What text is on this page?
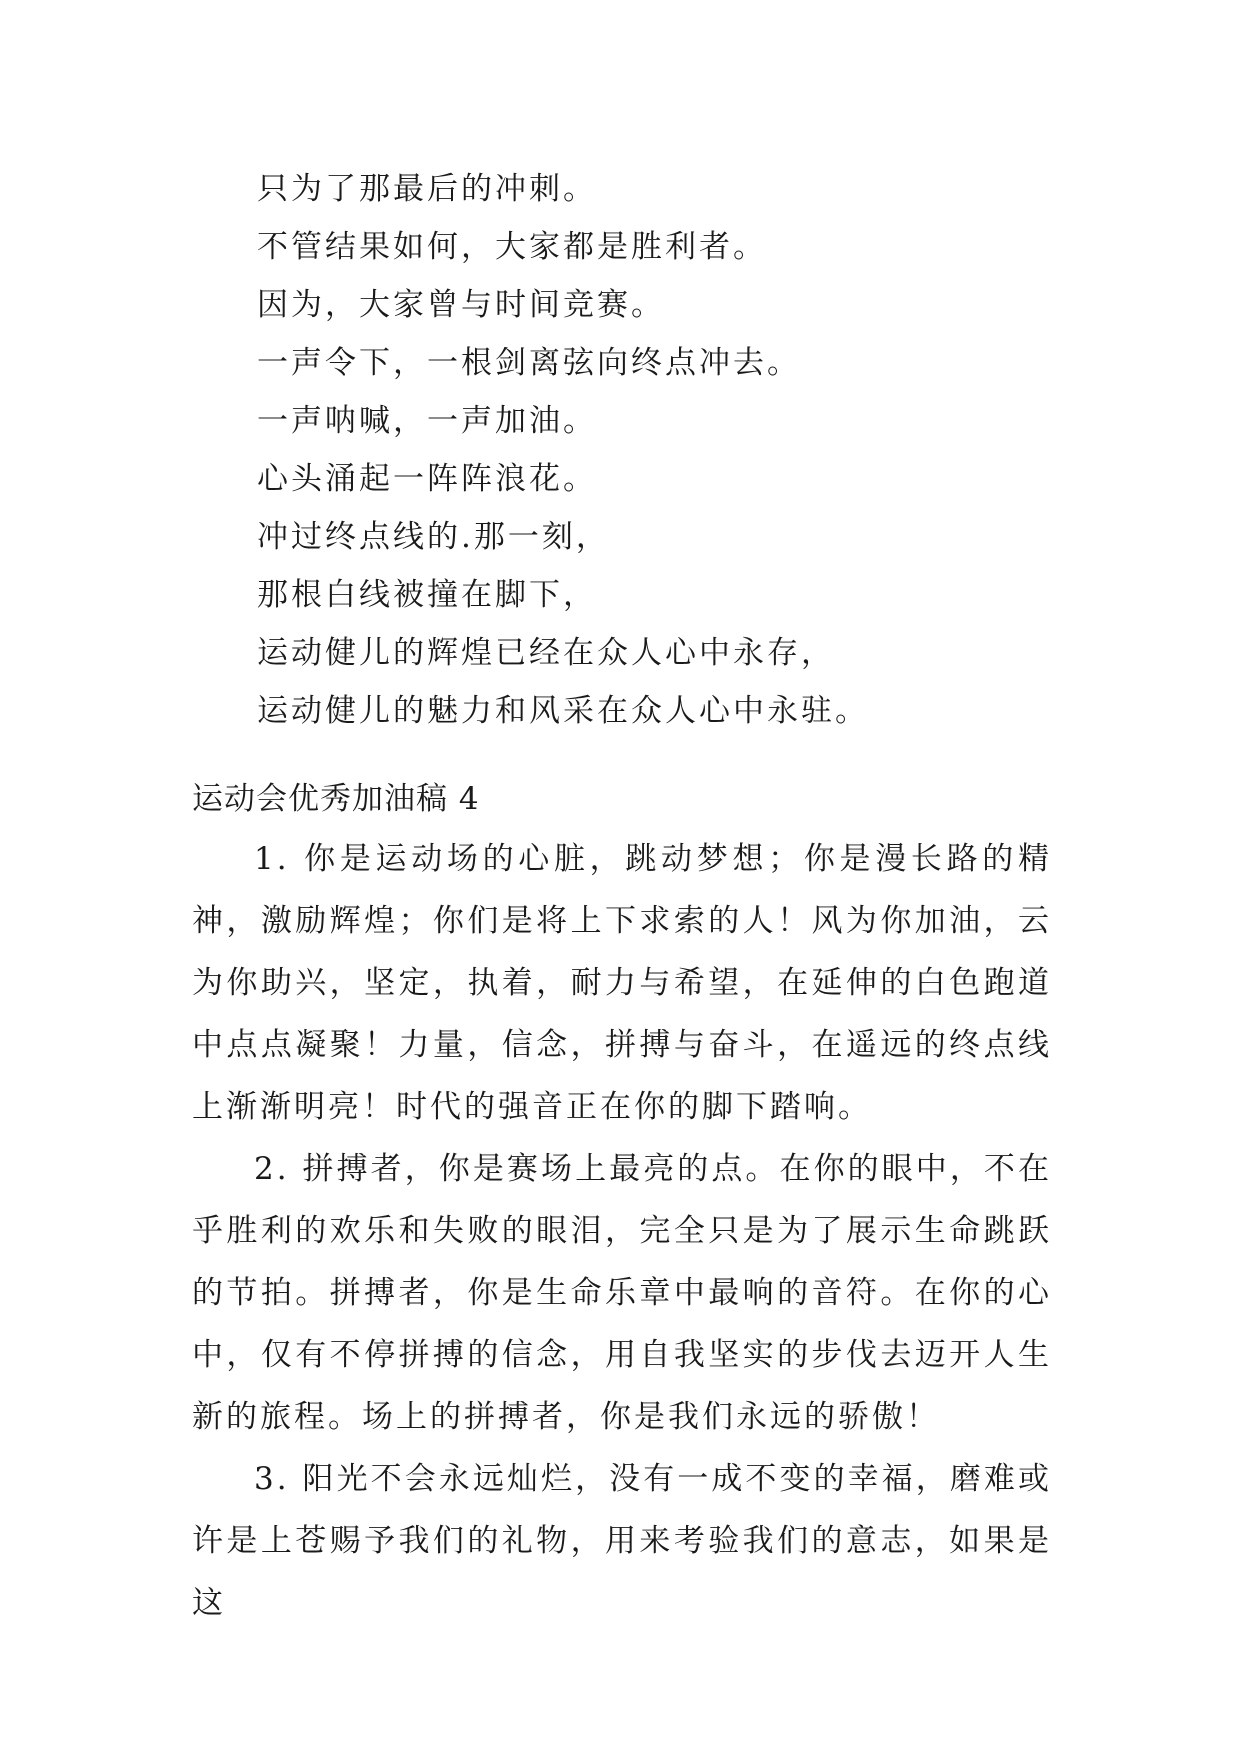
只为了那最后的冲刺。
不管结果如何，大家都是胜利者。
因为，大家曾与时间竞赛。
一声令下，一根剑离弦向终点冲去。
一声呐喊，一声加油。
心头涌起一阵阵浪花。
冲过终点线的.那一刻，
那根白线被撞在脚下，
运动健儿的辉煌已经在众人心中永存，
运动健儿的魅力和风采在众人心中永驻。
运动会优秀加油稿 4

1. 你是运动场的心脏，跳动梦想；你是漫长路的精神，激励辉煌；你们是将上下求索的人！风为你加油，云为你助兴，坚定，执着，耐力与希望，在延伸的白色跑道中点点凝聚！力量，信念，拼搏与奋斗，在遥远的终点线上渐渐明亮！时代的强音正在你的脚下踏响。

2. 拼搏者，你是赛场上最亮的点。在你的眼中，不在乎胜利的欢乐和失败的眼泪，完全只是为了展示生命跳跃的节拍。拼搏者，你是生命乐章中最响的音符。在你的心中，仅有不停拼搏的信念，用自我坚实的步伐去迈开人生新的旅程。场上的拼搏者，你是我们永远的骄傲！

3. 阳光不会永远灿烂，没有一成不变的幸福，磨难或许是上苍赐予我们的礼物，用来考验我们的意志，如果是这
